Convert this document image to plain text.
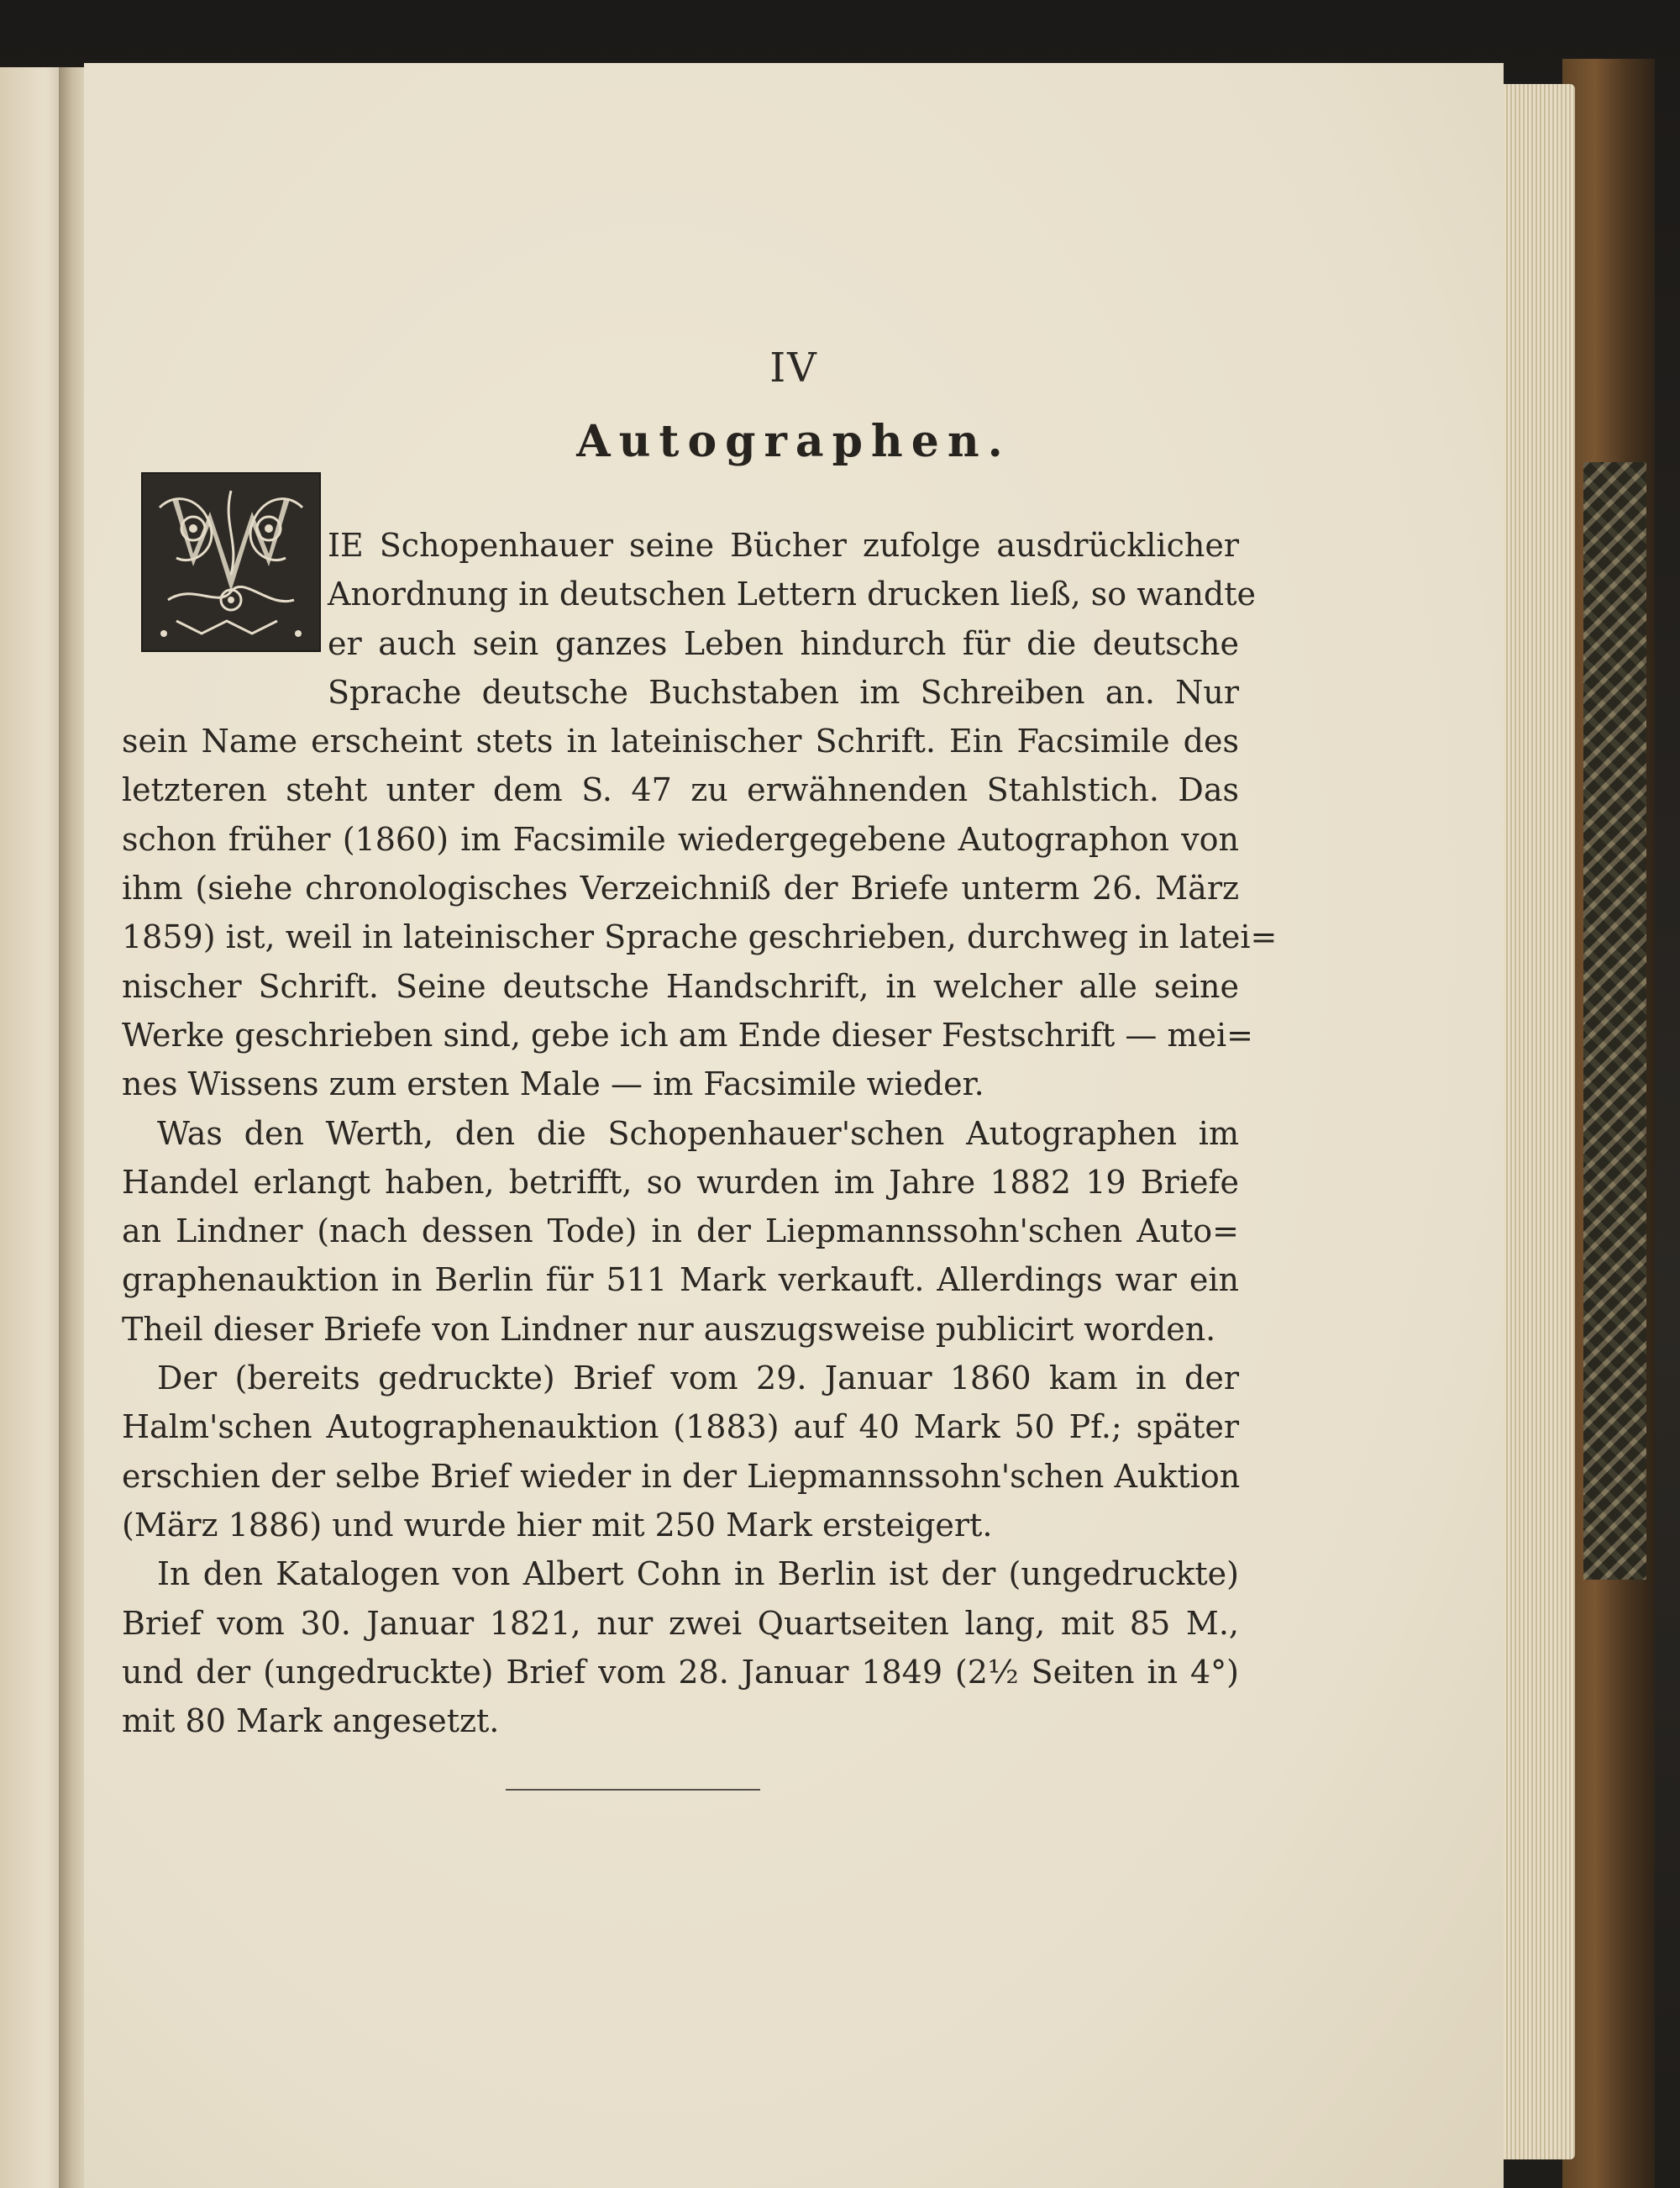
IV
Autographen.
IE Schopenhauer seine Bücher zufolge ausdrücklicher
Anordnung in deutschen Lettern drucken ließ, so wandte
er auch sein ganzes Leben hindurch für die deutsche
Sprache deutsche Buchstaben im Schreiben an. Nur
sein Name erscheint stets in lateinischer Schrift. Ein Facsimile des
letzteren steht unter dem S. 47 zu erwähnenden Stahlstich. Das
schon früher (1860) im Facsimile wiedergegebene Autographon von
ihm (siehe chronologisches Verzeichniß der Briefe unterm 26. März
1859) ist, weil in lateinischer Sprache geschrieben, durchweg in latei=
nischer Schrift. Seine deutsche Handschrift, in welcher alle seine
Werke geschrieben sind, gebe ich am Ende dieser Festschrift — mei=
nes Wissens zum ersten Male — im Facsimile wieder.
Was den Werth, den die Schopenhauer'schen Autographen im
Handel erlangt haben, betrifft, so wurden im Jahre 1882 19 Briefe
an Lindner (nach dessen Tode) in der Liepmannssohn'schen Auto=
graphenauktion in Berlin für 511 Mark verkauft. Allerdings war ein
Theil dieser Briefe von Lindner nur auszugsweise publicirt worden.
Der (bereits gedruckte) Brief vom 29. Januar 1860 kam in der
Halm'schen Autographenauktion (1883) auf 40 Mark 50 Pf.; später
erschien der selbe Brief wieder in der Liepmannssohn'schen Auktion
(März 1886) und wurde hier mit 250 Mark ersteigert.
In den Katalogen von Albert Cohn in Berlin ist der (ungedruckte)
Brief vom 30. Januar 1821, nur zwei Quartseiten lang, mit 85 M.,
und der (ungedruckte) Brief vom 28. Januar 1849 (2½ Seiten in 4°)
mit 80 Mark angesetzt.
